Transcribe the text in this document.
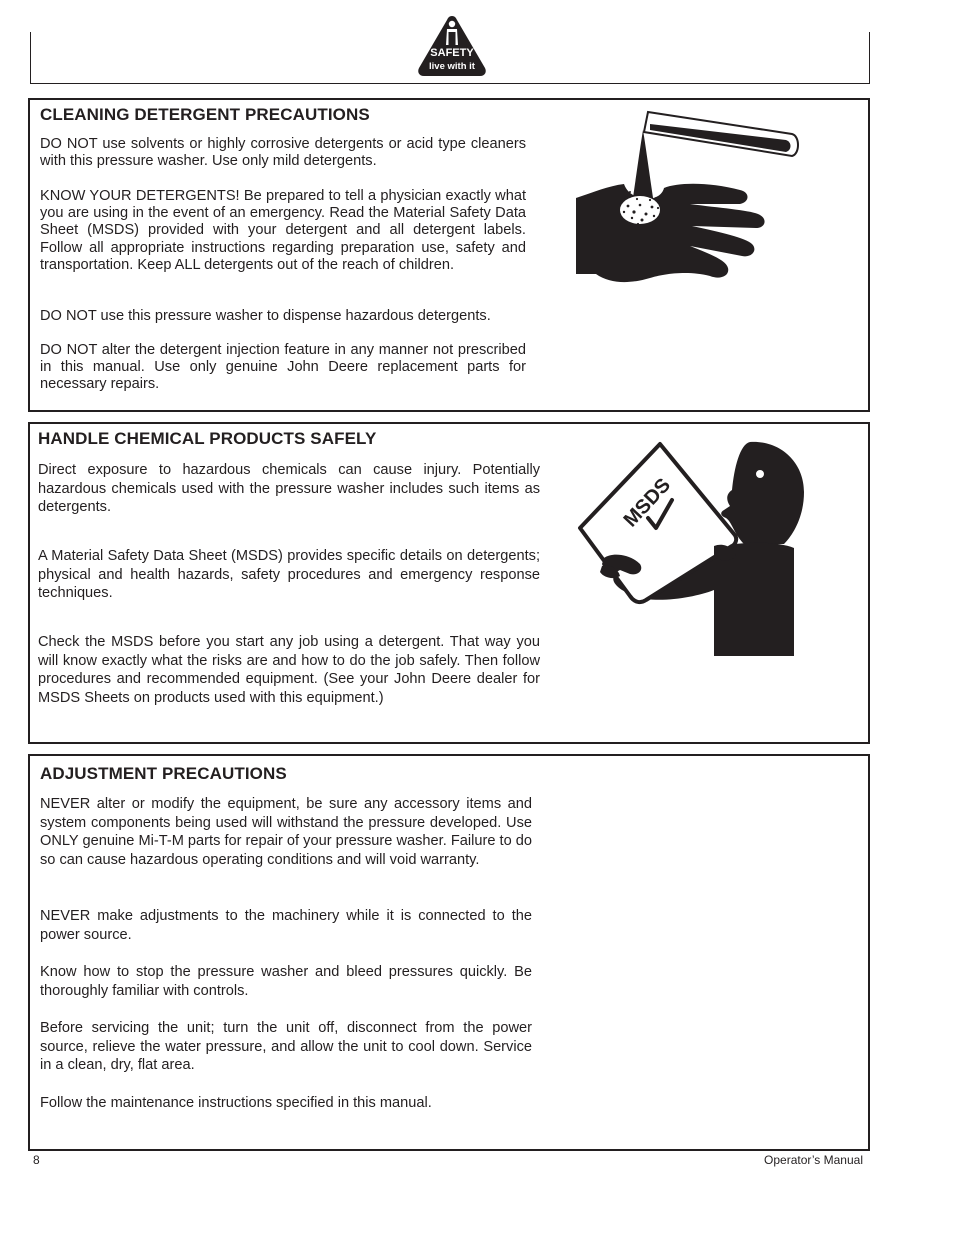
SAFETY
live with it
CLEANING DETERGENT PRECAUTIONS

DO NOT use solvents or highly corrosive detergents or acid type cleaners with this pressure washer. Use only mild detergents.

KNOW YOUR DETERGENTS! Be prepared to tell a physician exactly what you are using in the event of an emergency. Read the Material Safety Data Sheet (MSDS) provided with your detergent and all detergent labels. Follow all appropriate instructions regarding preparation use, safety and transportation. Keep ALL detergents out of the reach of children.

DO NOT use this pressure washer to dispense hazardous detergents.

DO NOT alter the detergent injection feature in any manner not prescribed in this manual. Use only genuine John Deere replacement parts for necessary repairs.

HANDLE CHEMICAL PRODUCTS SAFELY

Direct exposure to hazardous chemicals can cause injury. Potentially hazardous chemicals used with the pressure washer includes such items as detergents.

A Material Safety Data Sheet (MSDS) provides specific details on detergents; physical and health hazards, safety procedures and emergency response techniques.

Check the MSDS before you start any job using a detergent. That way you will know exactly what the risks are and how to do the job safely. Then follow procedures and recommended equipment. (See your John Deere dealer for MSDS Sheets on products used with this equipment.)

MSDS
ADJUSTMENT PRECAUTIONS

NEVER alter or modify the equipment, be sure any accessory items and system components being used will withstand the pressure developed. Use ONLY genuine Mi-T-M parts for repair of your pressure washer. Failure to do so can cause hazardous operating conditions and will void warranty.

NEVER make adjustments to the machinery while it is connected to the power source.

Know how to stop the pressure washer and bleed pressures quickly. Be thoroughly familiar with controls.

Before servicing the unit; turn the unit off, disconnect from the power source, relieve the water pressure, and allow the unit to cool down. Service in a clean, dry, flat area.

Follow the maintenance instructions specified in this manual.

8	Operator’s Manual
